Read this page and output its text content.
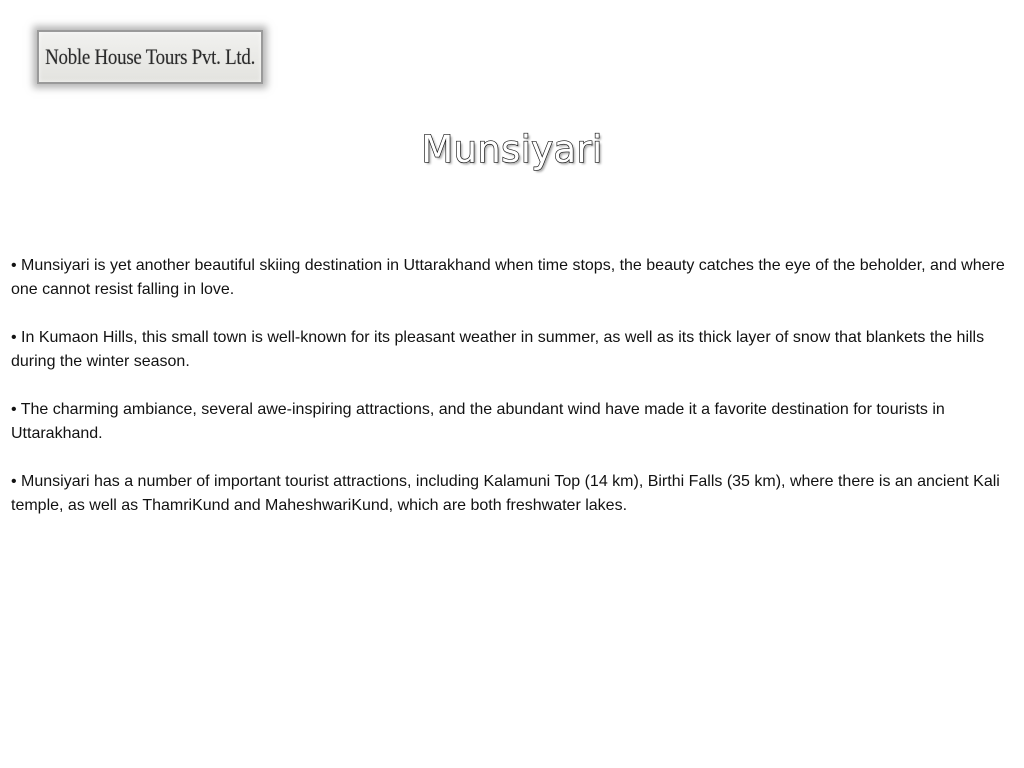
Noble House Tours Pvt. Ltd.
Munsiyari

• Munsiyari is yet another beautiful skiing destination in Uttarakhand when time stops, the beauty catches the eye of the beholder, and where one cannot resist falling in love.

• In Kumaon Hills, this small town is well-known for its pleasant weather in summer, as well as its thick layer of snow that blankets the hills during the winter season.

• The charming ambiance, several awe-inspiring attractions, and the abundant wind have made it a favorite destination for tourists in Uttarakhand.

• Munsiyari has a number of important tourist attractions, including Kalamuni Top (14 km), Birthi Falls (35 km), where there is an ancient Kali temple, as well as ThamriKund and MaheshwariKund, which are both freshwater lakes.
